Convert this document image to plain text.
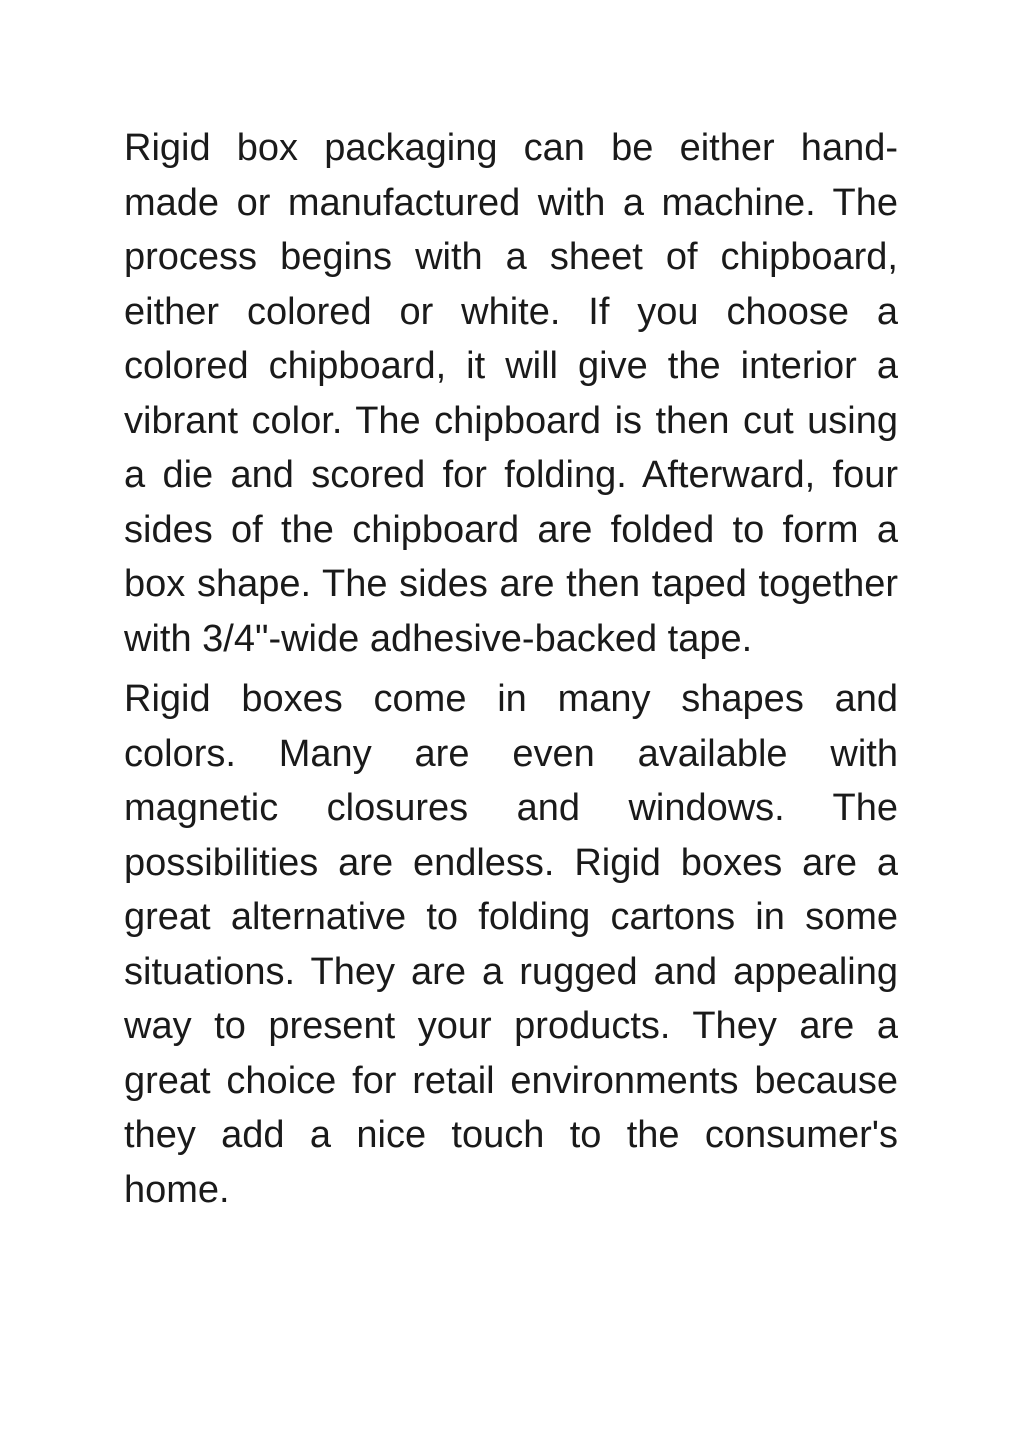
Rigid box packaging can be either hand-made or manufactured with a machine. The process begins with a sheet of chipboard, either colored or white. If you choose a colored chipboard, it will give the interior a vibrant color. The chipboard is then cut using a die and scored for folding. Afterward, four sides of the chipboard are folded to form a box shape. The sides are then taped together with 3/4"-wide adhesive-backed tape.

Rigid boxes come in many shapes and colors. Many are even available with magnetic closures and windows. The possibilities are endless. Rigid boxes are a great alternative to folding cartons in some situations. They are a rugged and appealing way to present your products. They are a great choice for retail environments because they add a nice touch to the consumer's home.
